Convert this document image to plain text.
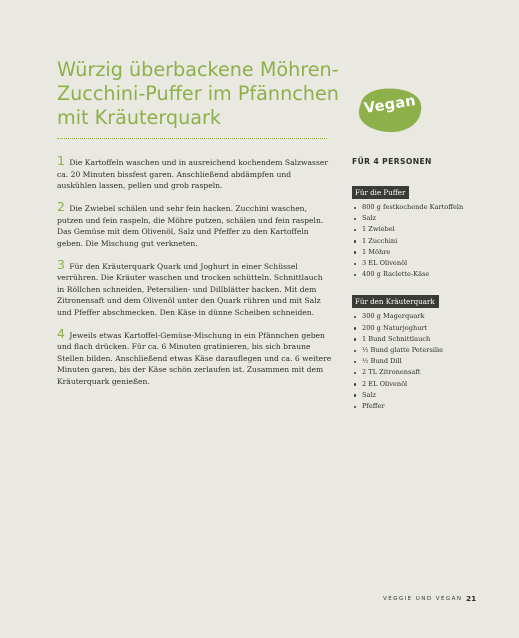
Würzig überbackene Möhren-
Zucchini-Puffer im Pfännchen
mit Kräuterquark
Vegan

1 Die Kartoffeln waschen und in ausreichend kochendem Salzwasser ca. 20 Minuten bissfest garen. Anschließend abdämpfen und auskühlen lassen, pellen und grob raspeln.

2 Die Zwiebel schälen und sehr fein hacken. Zucchini waschen, putzen und fein raspeln, die Möhre putzen, schälen und fein raspeln. Das Gemüse mit dem Olivenöl, Salz und Pfeffer zu den Kartoffeln geben. Die Mischung gut verkneten.

3 Für den Kräuterquark Quark und Joghurt in einer Schüssel verrühren. Die Kräuter waschen und trocken schütteln. Schnittlauch in Röllchen schneiden, Petersilien- und Dillblätter hacken. Mit dem Zitronensaft und dem Olivenöl unter den Quark rühren und mit Salz und Pfeffer abschmecken. Den Käse in dünne Scheiben schneiden.

4 Jeweils etwas Kartoffel-Gemüse-Mischung in ein Pfännchen geben und flach drücken. Für ca. 6 Minuten gratinieren, bis sich braune Stellen bilden. Anschließend etwas Käse darauflegen und ca. 6 weitere Minuten garen, bis der Käse schön zerlaufen ist. Zusammen mit dem Kräuterquark genießen.

FÜR 4 PERSONEN
Für die Puffer
800 g festkochende Kartoffeln
Salz
1 Zwiebel
1 Zucchini
1 Möhre
3 EL Olivenöl
400 g Raclette-Käse
Für den Kräuterquark
300 g Magerquark
200 g Naturjoghurt
1 Bund Schnittlauch
½ Bund glatte Petersilie
½ Bund Dill
2 TL Zitronensaft
2 EL Olivenöl
Salz
Pfeffer
VEGGIE UND VEGAN 21
